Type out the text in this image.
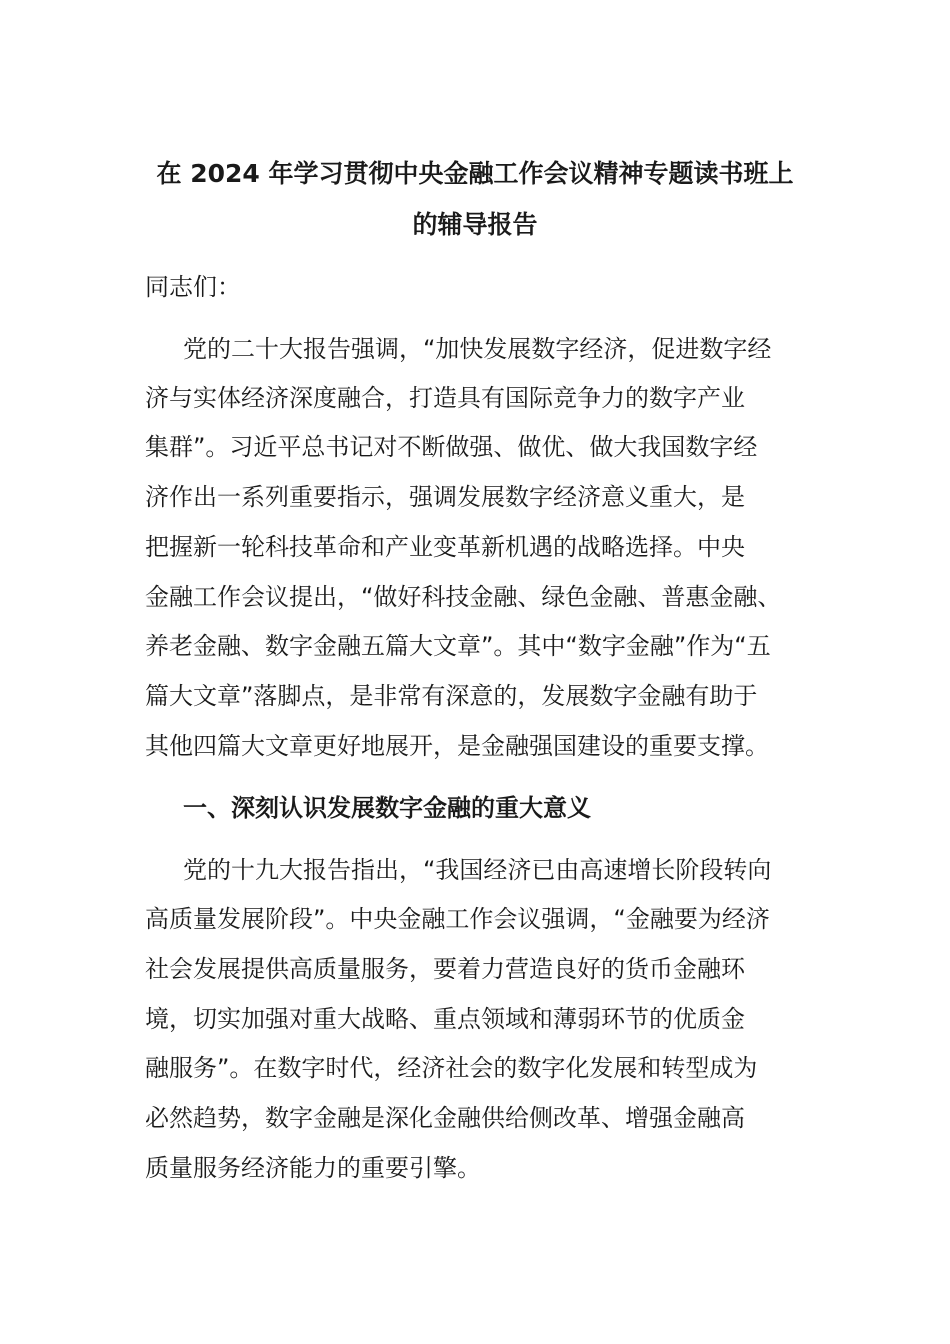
在 2024 年学习贯彻中央金融工作会议精神专题读书班上
的辅导报告
同志们：
党的二十大报告强调，“加快发展数字经济，促进数字经
济与实体经济深度融合，打造具有国际竞争力的数字产业
集群”。习近平总书记对不断做强、做优、做大我国数字经
济作出一系列重要指示，强调发展数字经济意义重大，是
把握新一轮科技革命和产业变革新机遇的战略选择。中央
金融工作会议提出，“做好科技金融、绿色金融、普惠金融、
养老金融、数字金融五篇大文章”。其中“数字金融”作为“五
篇大文章”落脚点，是非常有深意的，发展数字金融有助于
其他四篇大文章更好地展开，是金融强国建设的重要支撑。
一、深刻认识发展数字金融的重大意义
党的十九大报告指出，“我国经济已由高速增长阶段转向
高质量发展阶段”。中央金融工作会议强调，“金融要为经济
社会发展提供高质量服务，要着力营造良好的货币金融环
境，切实加强对重大战略、重点领域和薄弱环节的优质金
融服务”。在数字时代，经济社会的数字化发展和转型成为
必然趋势，数字金融是深化金融供给侧改革、增强金融高
质量服务经济能力的重要引擎。
